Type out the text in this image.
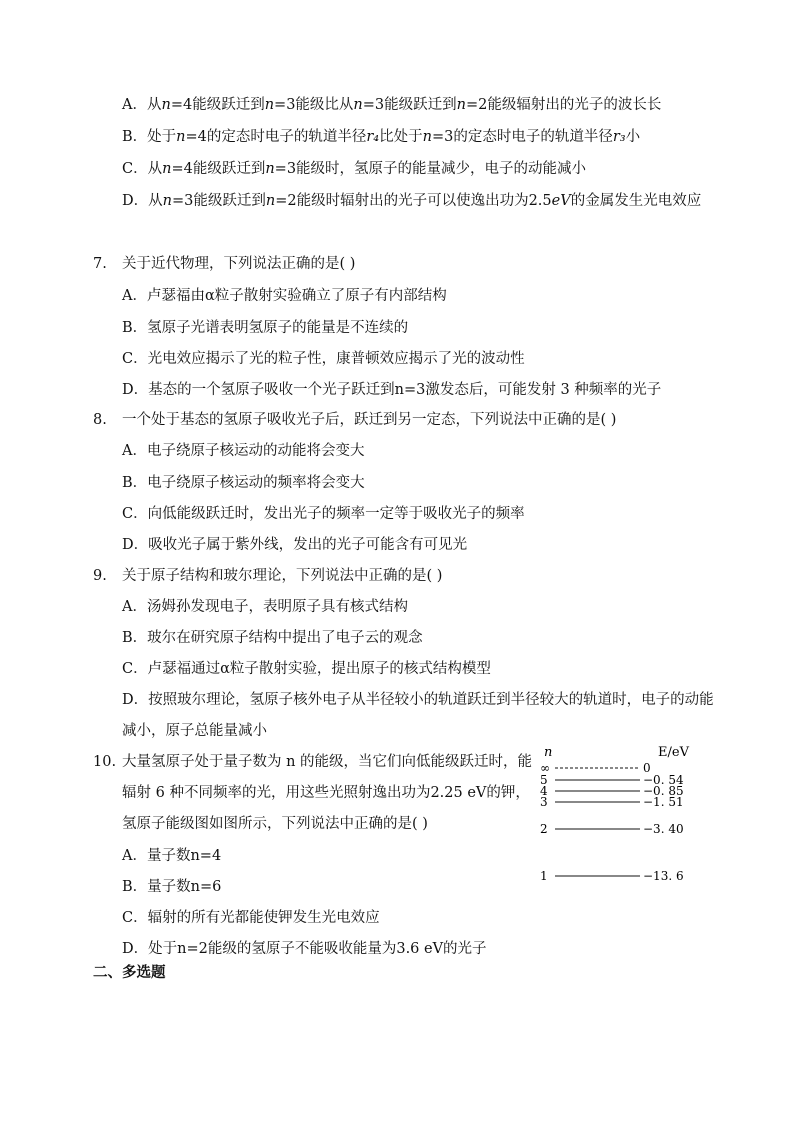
A．从n=4能级跃迁到n=3能级比从n=3能级跃迁到n=2能级辐射出的光子的波长长
B．处于n=4的定态时电子的轨道半径r₄比处于n=3的定态时电子的轨道半径r₃小
C．从n=4能级跃迁到n=3能级时，氢原子的能量减少，电子的动能减小
D．从n=3能级跃迁到n=2能级时辐射出的光子可以使逸出功为2.5eV的金属发生光电效应
7. 关于近代物理，下列说法正确的是( )
A．卢瑟福由α粒子散射实验确立了原子有内部结构
B．氢原子光谱表明氢原子的能量是不连续的
C．光电效应揭示了光的粒子性，康普顿效应揭示了光的波动性
D．基态的一个氢原子吸收一个光子跃迁到n=3激发态后，可能发射 3 种频率的光子
8. 一个处于基态的氢原子吸收光子后，跃迁到另一定态，下列说法中正确的是( )
A．电子绕原子核运动的动能将会变大
B．电子绕原子核运动的频率将会变大
C．向低能级跃迁时，发出光子的频率一定等于吸收光子的频率
D．吸收光子属于紫外线，发出的光子可能含有可见光
9. 关于原子结构和玻尔理论，下列说法中正确的是( )
A．汤姆孙发现电子，表明原子具有核式结构
B．玻尔在研究原子结构中提出了电子云的观念
C．卢瑟福通过α粒子散射实验，提出原子的核式结构模型
D．按照玻尔理论，氢原子核外电子从半径较小的轨道跃迁到半径较大的轨道时，电子的动能
减小，原子总能量减小
10. 大量氢原子处于量子数为 n 的能级，当它们向低能级跃迁时，能
辐射 6 种不同频率的光，用这些光照射逸出功为2.25 eV的钾，
氢原子能级图如图所示，下列说法中正确的是( )
A．量子数n=4
B．量子数n=6
C．辐射的所有光都能使钾发生光电效应
D．处于n=2能级的氢原子不能吸收能量为3.6 eV的光子
n	E/eV
∞	0
5	−0. 54
4	−0. 85
3	−1. 51
2	−3. 40
1	−13. 6
二、多选题
